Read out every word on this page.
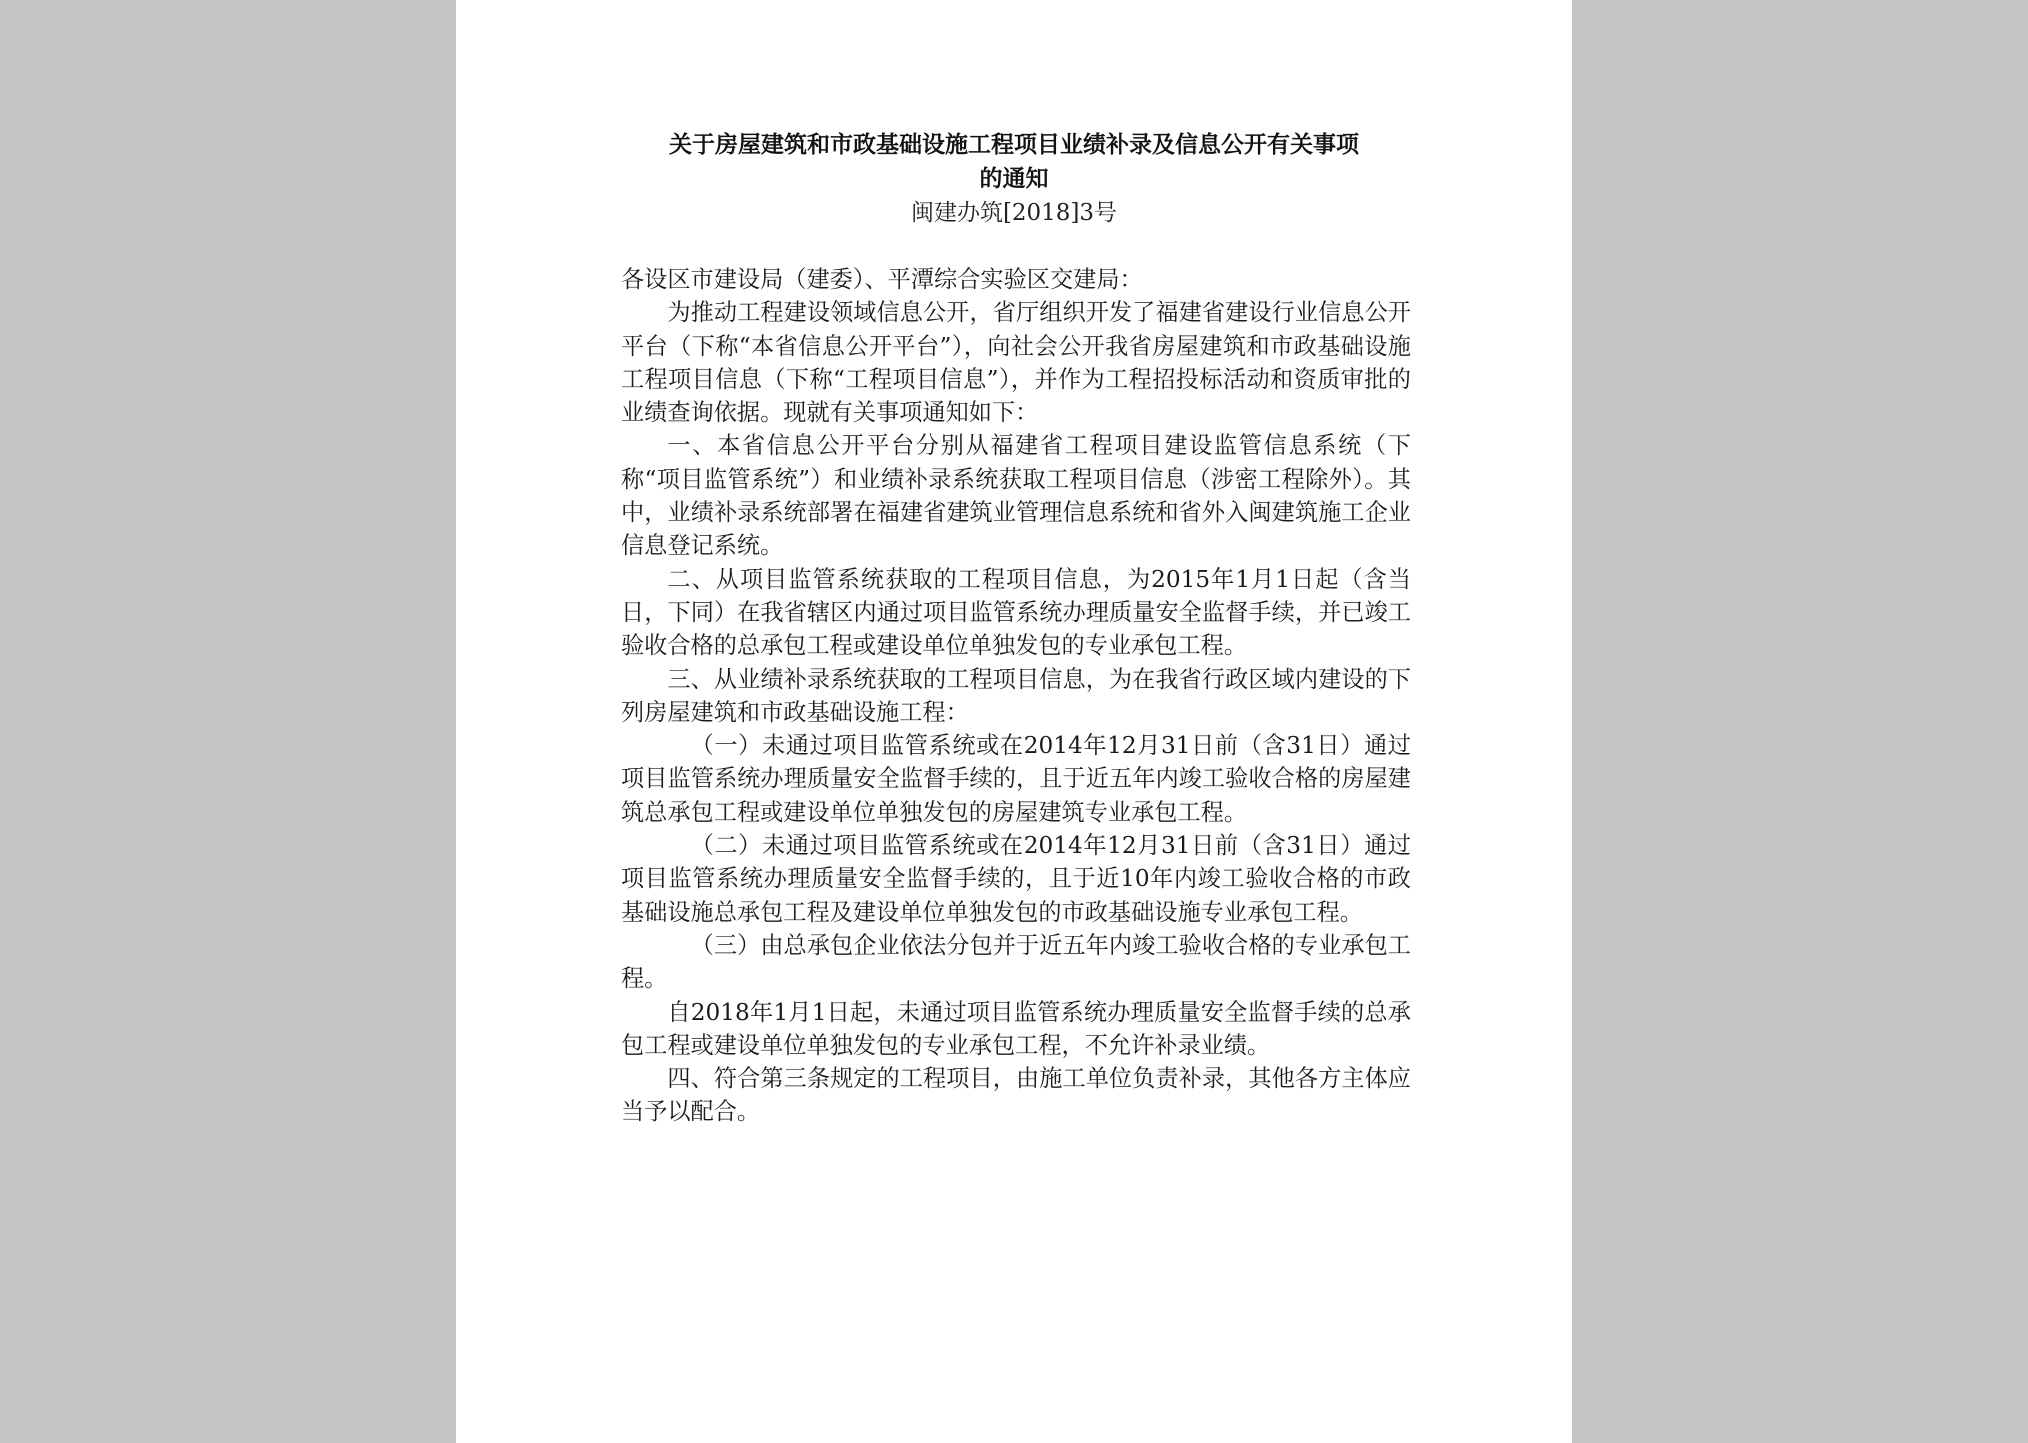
关于房屋建筑和市政基础设施工程项目业绩补录及信息公开有关事项
的通知
闽建办筑[2018]3号

各设区市建设局（建委）、平潭综合实验区交建局：

为推动工程建设领域信息公开，省厅组织开发了福建省建设行业信息公开平台（下称“本省信息公开平台”），向社会公开我省房屋建筑和市政基础设施工程项目信息（下称“工程项目信息”），并作为工程招投标活动和资质审批的业绩查询依据。现就有关事项通知如下：

一、本省信息公开平台分别从福建省工程项目建设监管信息系统（下称“项目监管系统”）和业绩补录系统获取工程项目信息（涉密工程除外）。其中，业绩补录系统部署在福建省建筑业管理信息系统和省外入闽建筑施工企业信息登记系统。

二、从项目监管系统获取的工程项目信息，为2015年1月1日起（含当日，下同）在我省辖区内通过项目监管系统办理质量安全监督手续，并已竣工验收合格的总承包工程或建设单位单独发包的专业承包工程。

三、从业绩补录系统获取的工程项目信息，为在我省行政区域内建设的下列房屋建筑和市政基础设施工程：

（一）未通过项目监管系统或在2014年12月31日前（含31日）通过项目监管系统办理质量安全监督手续的，且于近五年内竣工验收合格的房屋建筑总承包工程或建设单位单独发包的房屋建筑专业承包工程。

（二）未通过项目监管系统或在2014年12月31日前（含31日）通过项目监管系统办理质量安全监督手续的，且于近10年内竣工验收合格的市政基础设施总承包工程及建设单位单独发包的市政基础设施专业承包工程。

（三）由总承包企业依法分包并于近五年内竣工验收合格的专业承包工程。

自2018年1月1日起，未通过项目监管系统办理质量安全监督手续的总承包工程或建设单位单独发包的专业承包工程，不允许补录业绩。

四、符合第三条规定的工程项目，由施工单位负责补录，其他各方主体应当予以配合。
